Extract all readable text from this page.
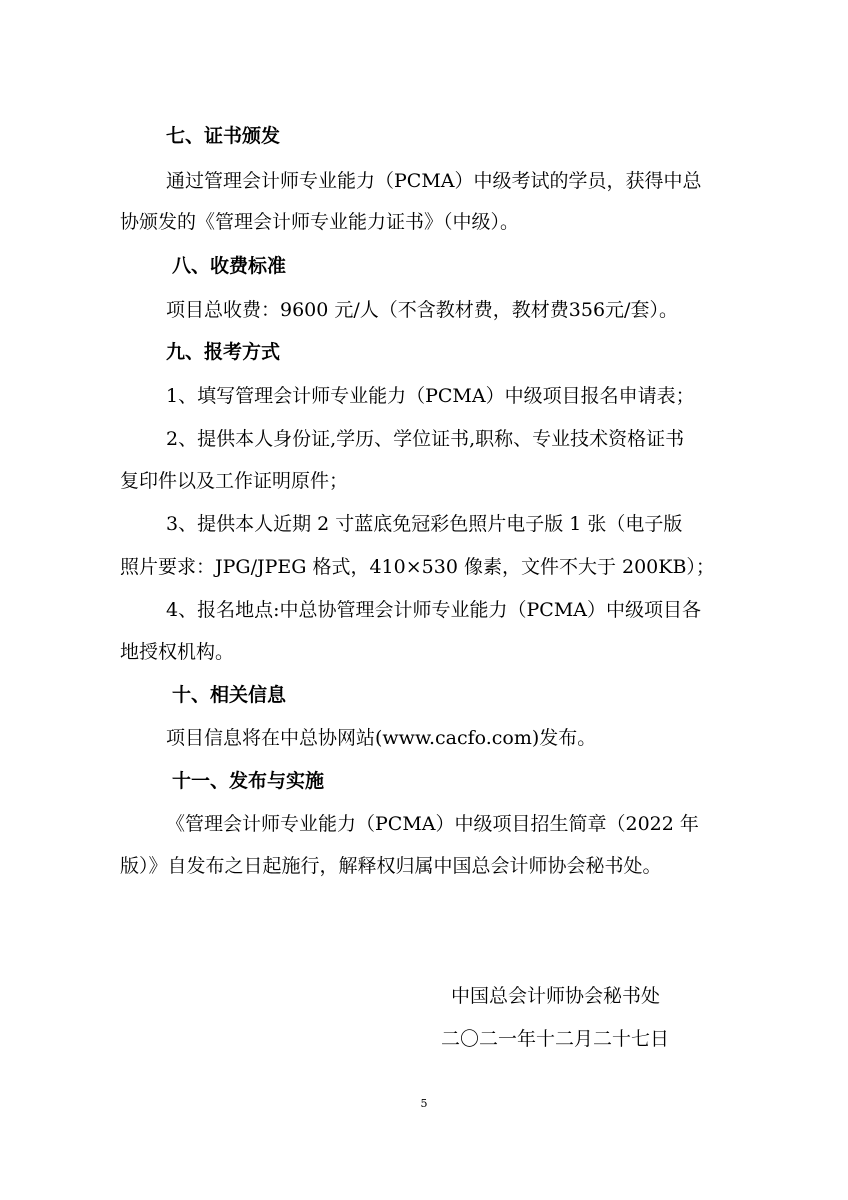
七、证书颁发
通过管理会计师专业能力（PCMA）中级考试的学员，获得中总
协颁发的《管理会计师专业能力证书》（中级）。
八、收费标准
项目总收费：9600 元/人（不含教材费，教材费356元/套）。
九、报考方式
1、填写管理会计师专业能力（PCMA）中级项目报名申请表；
2、提供本人身份证,学历、学位证书,职称、专业技术资格证书
复印件以及工作证明原件；
3、提供本人近期 2 寸蓝底免冠彩色照片电子版 1 张（电子版
照片要求：JPG/JPEG 格式，410×530 像素，文件不大于 200KB）；
4、报名地点:中总协管理会计师专业能力（PCMA）中级项目各
地授权机构。
十、相关信息
项目信息将在中总协网站(www.cacfo.com)发布。
十一、发布与实施
《管理会计师专业能力（PCMA）中级项目招生简章（2022 年
版）》自发布之日起施行，解释权归属中国总会计师协会秘书处。
中国总会计师协会秘书处
二〇二一年十二月二十七日
5
